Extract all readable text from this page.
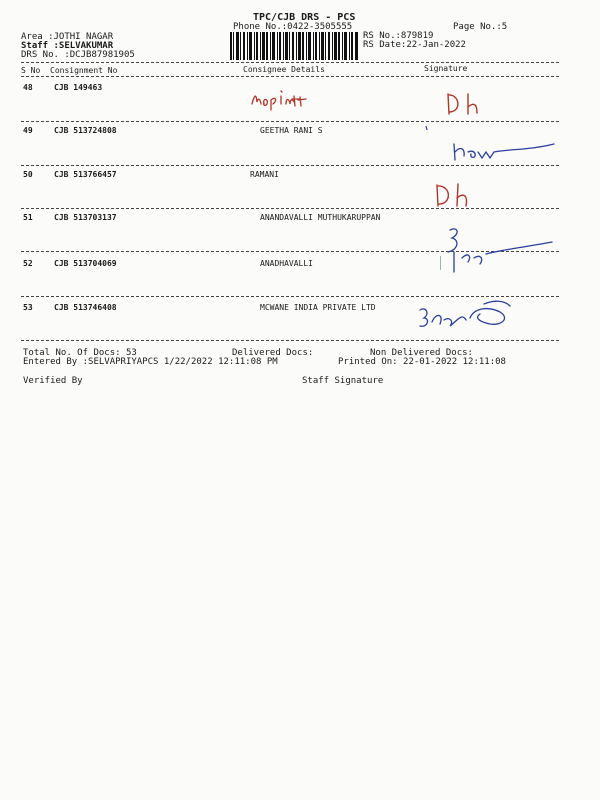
TPC/CJB DRS - PCS
Phone No.:0422-3505555	Page No.:5
Area :JOTHI NAGAR
Staff :SELVAKUMAR
DRS No. :DCJB87981905
RS No.:879819
RS Date:22-Jan-2022
S No Consignment No	Consignee Details	Signature
48	CJB 149463
49	CJB 513724808	GEETHA RANI S
50	CJB 513766457	RAMANI
51	CJB 513703137	ANANDAVALLI MUTHUKARUPPAN
52	CJB 513704069	ANADHAVALLI
53	CJB 513746408	MCWANE INDIA PRIVATE LTD
Total No. Of Docs: 53	Delivered Docs:	Non Delivered Docs:
Entered By :SELVAPRIYAPCS 1/22/2022 12:11:08 PM	Printed On: 22-01-2022 12:11:08
Verified By	Staff Signature
